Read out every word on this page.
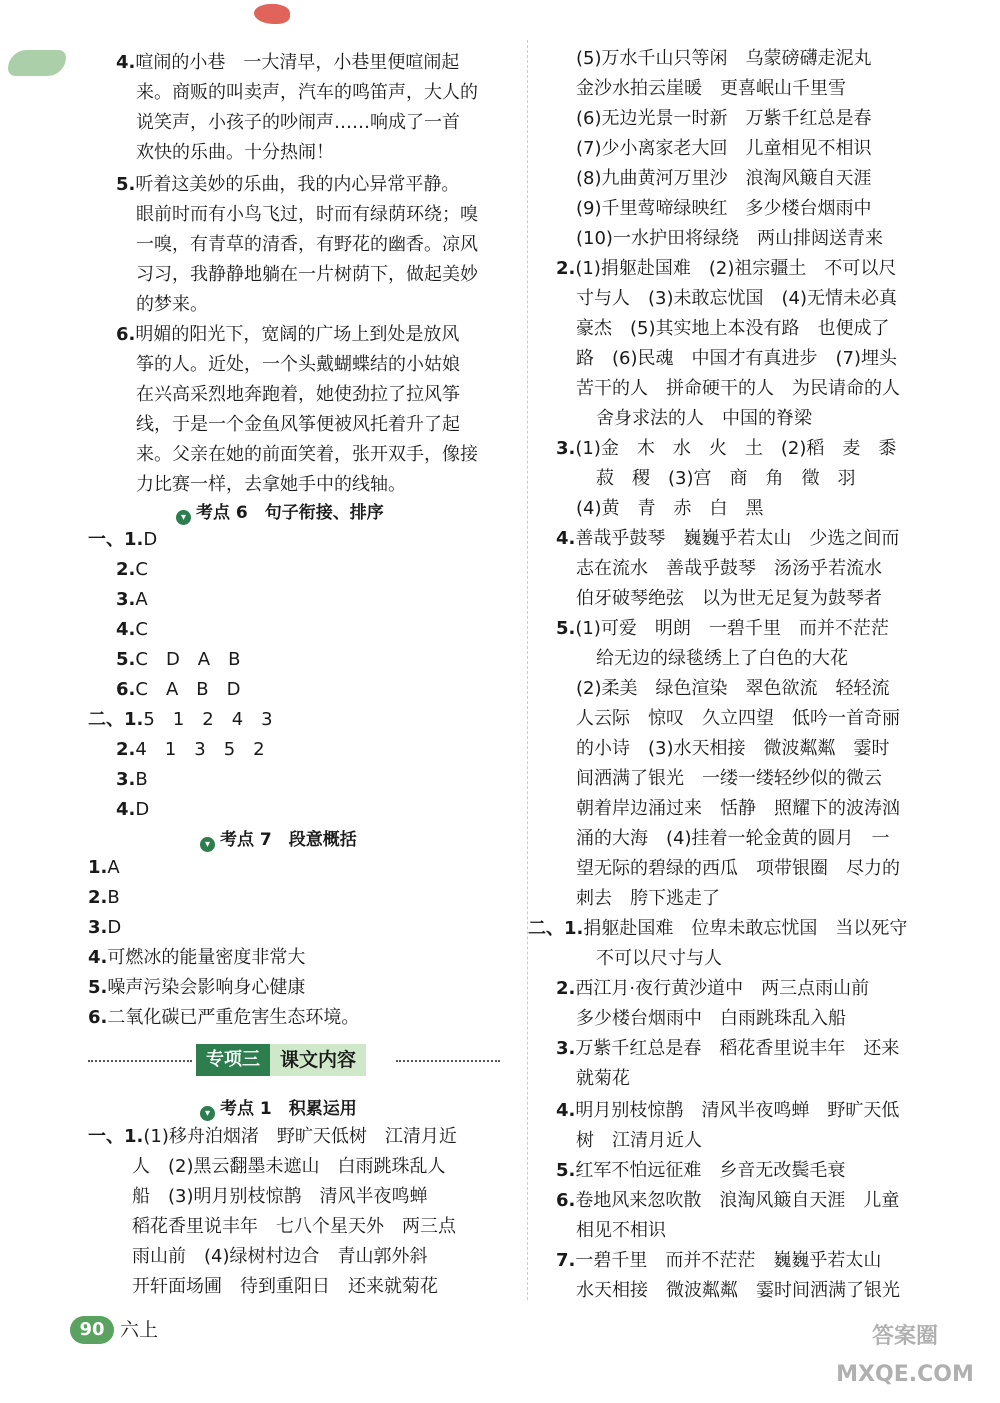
4.喧闹的小巷　一大清早，小巷里便喧闹起
来。商贩的叫卖声，汽车的鸣笛声，大人的
说笑声，小孩子的吵闹声……响成了一首
欢快的乐曲。十分热闹！
5.听着这美妙的乐曲，我的内心异常平静。
眼前时而有小鸟飞过，时而有绿荫环绕；嗅
一嗅，有青草的清香，有野花的幽香。凉风
习习，我静静地躺在一片树荫下，做起美妙
的梦来。
6.明媚的阳光下，宽阔的广场上到处是放风
筝的人。近处，一个头戴蝴蝶结的小姑娘
在兴高采烈地奔跑着，她使劲拉了拉风筝
线，于是一个金鱼风筝便被风托着升了起
来。父亲在她的前面笑着，张开双手，像接
力比赛一样，去拿她手中的线轴。
一、1.D
2.C
3.A
4.C
5.C　D　A　B
6.C　A　B　D
二、1.5　1　2　4　3
2.4　1　3　5　2
3.B
4.D
1.A
2.B
3.D
4.可燃冰的能量密度非常大
5.噪声污染会影响身心健康
6.二氧化碳已严重危害生态环境。
一、1.(1)移舟泊烟渚　野旷天低树　江清月近
人　(2)黑云翻墨未遮山　白雨跳珠乱人
船　(3)明月别枝惊鹊　清风半夜鸣蝉
稻花香里说丰年　七八个星天外　两三点
雨山前　(4)绿树村边合　青山郭外斜
开轩面场圃　待到重阳日　还来就菊花
▾ 考点 6　句子衔接、排序
▾ 考点 7　段意概括
▾ 考点 1　积累运用
(5)万水千山只等闲　乌蒙磅礴走泥丸
金沙水拍云崖暖　更喜岷山千里雪
(6)无边光景一时新　万紫千红总是春
(7)少小离家老大回　儿童相见不相识
(8)九曲黄河万里沙　浪淘风簸自天涯
(9)千里莺啼绿映红　多少楼台烟雨中
(10)一水护田将绿绕　两山排闼送青来
2.(1)捐躯赴国难　(2)祖宗疆土　不可以尺
寸与人　(3)未敢忘忧国　(4)无情未必真
豪杰　(5)其实地上本没有路　也便成了
路　(6)民魂　中国才有真进步　(7)埋头
苦干的人　拼命硬干的人　为民请命的人
舍身求法的人　中国的脊梁
3.(1)金　木　水　火　土　(2)稻　麦　黍
菽　稷　(3)宫　商　角　徵　羽
(4)黄　青　赤　白　黑
4.善哉乎鼓琴　巍巍乎若太山　少选之间而
志在流水　善哉乎鼓琴　汤汤乎若流水
伯牙破琴绝弦　以为世无足复为鼓琴者
5.(1)可爱　明朗　一碧千里　而并不茫茫
给无边的绿毯绣上了白色的大花
(2)柔美　绿色渲染　翠色欲流　轻轻流
人云际　惊叹　久立四望　低吟一首奇丽
的小诗　(3)水天相接　微波粼粼　霎时
间洒满了银光　一缕一缕轻纱似的微云
朝着岸边涌过来　恬静　照耀下的波涛汹
涌的大海　(4)挂着一轮金黄的圆月　一
望无际的碧绿的西瓜　项带银圈　尽力的
刺去　胯下逃走了
二、1.捐躯赴国难　位卑未敢忘忧国　当以死守
不可以尺寸与人
2.西江月·夜行黄沙道中　两三点雨山前
多少楼台烟雨中　白雨跳珠乱入船
3.万紫千红总是春　稻花香里说丰年　还来
就菊花
4.明月别枝惊鹊　清风半夜鸣蝉　野旷天低
树　江清月近人
5.红军不怕远征难　乡音无改鬓毛衰
6.卷地风来忽吹散　浪淘风簸自天涯　儿童
相见不相识
7.一碧千里　而并不茫茫　巍巍乎若太山
水天相接　微波粼粼　霎时间洒满了银光
专项三	课文内容
90 六上	答案圈
MXQE.COM
